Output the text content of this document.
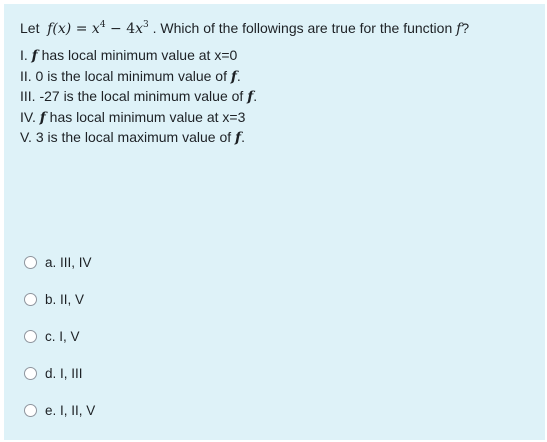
Let $f(x) = x^4 - 4x^3$ . Which of the followings are true for the function f?
I. f has local minimum value at x=0
II. 0 is the local minimum value of f.
III. -27 is the local minimum value of f.
IV. f has local minimum value at x=3
V. 3 is the local maximum value of f.
a. III, IV
b. II, V
c. I, V
d. I, III
e. I, II, V
